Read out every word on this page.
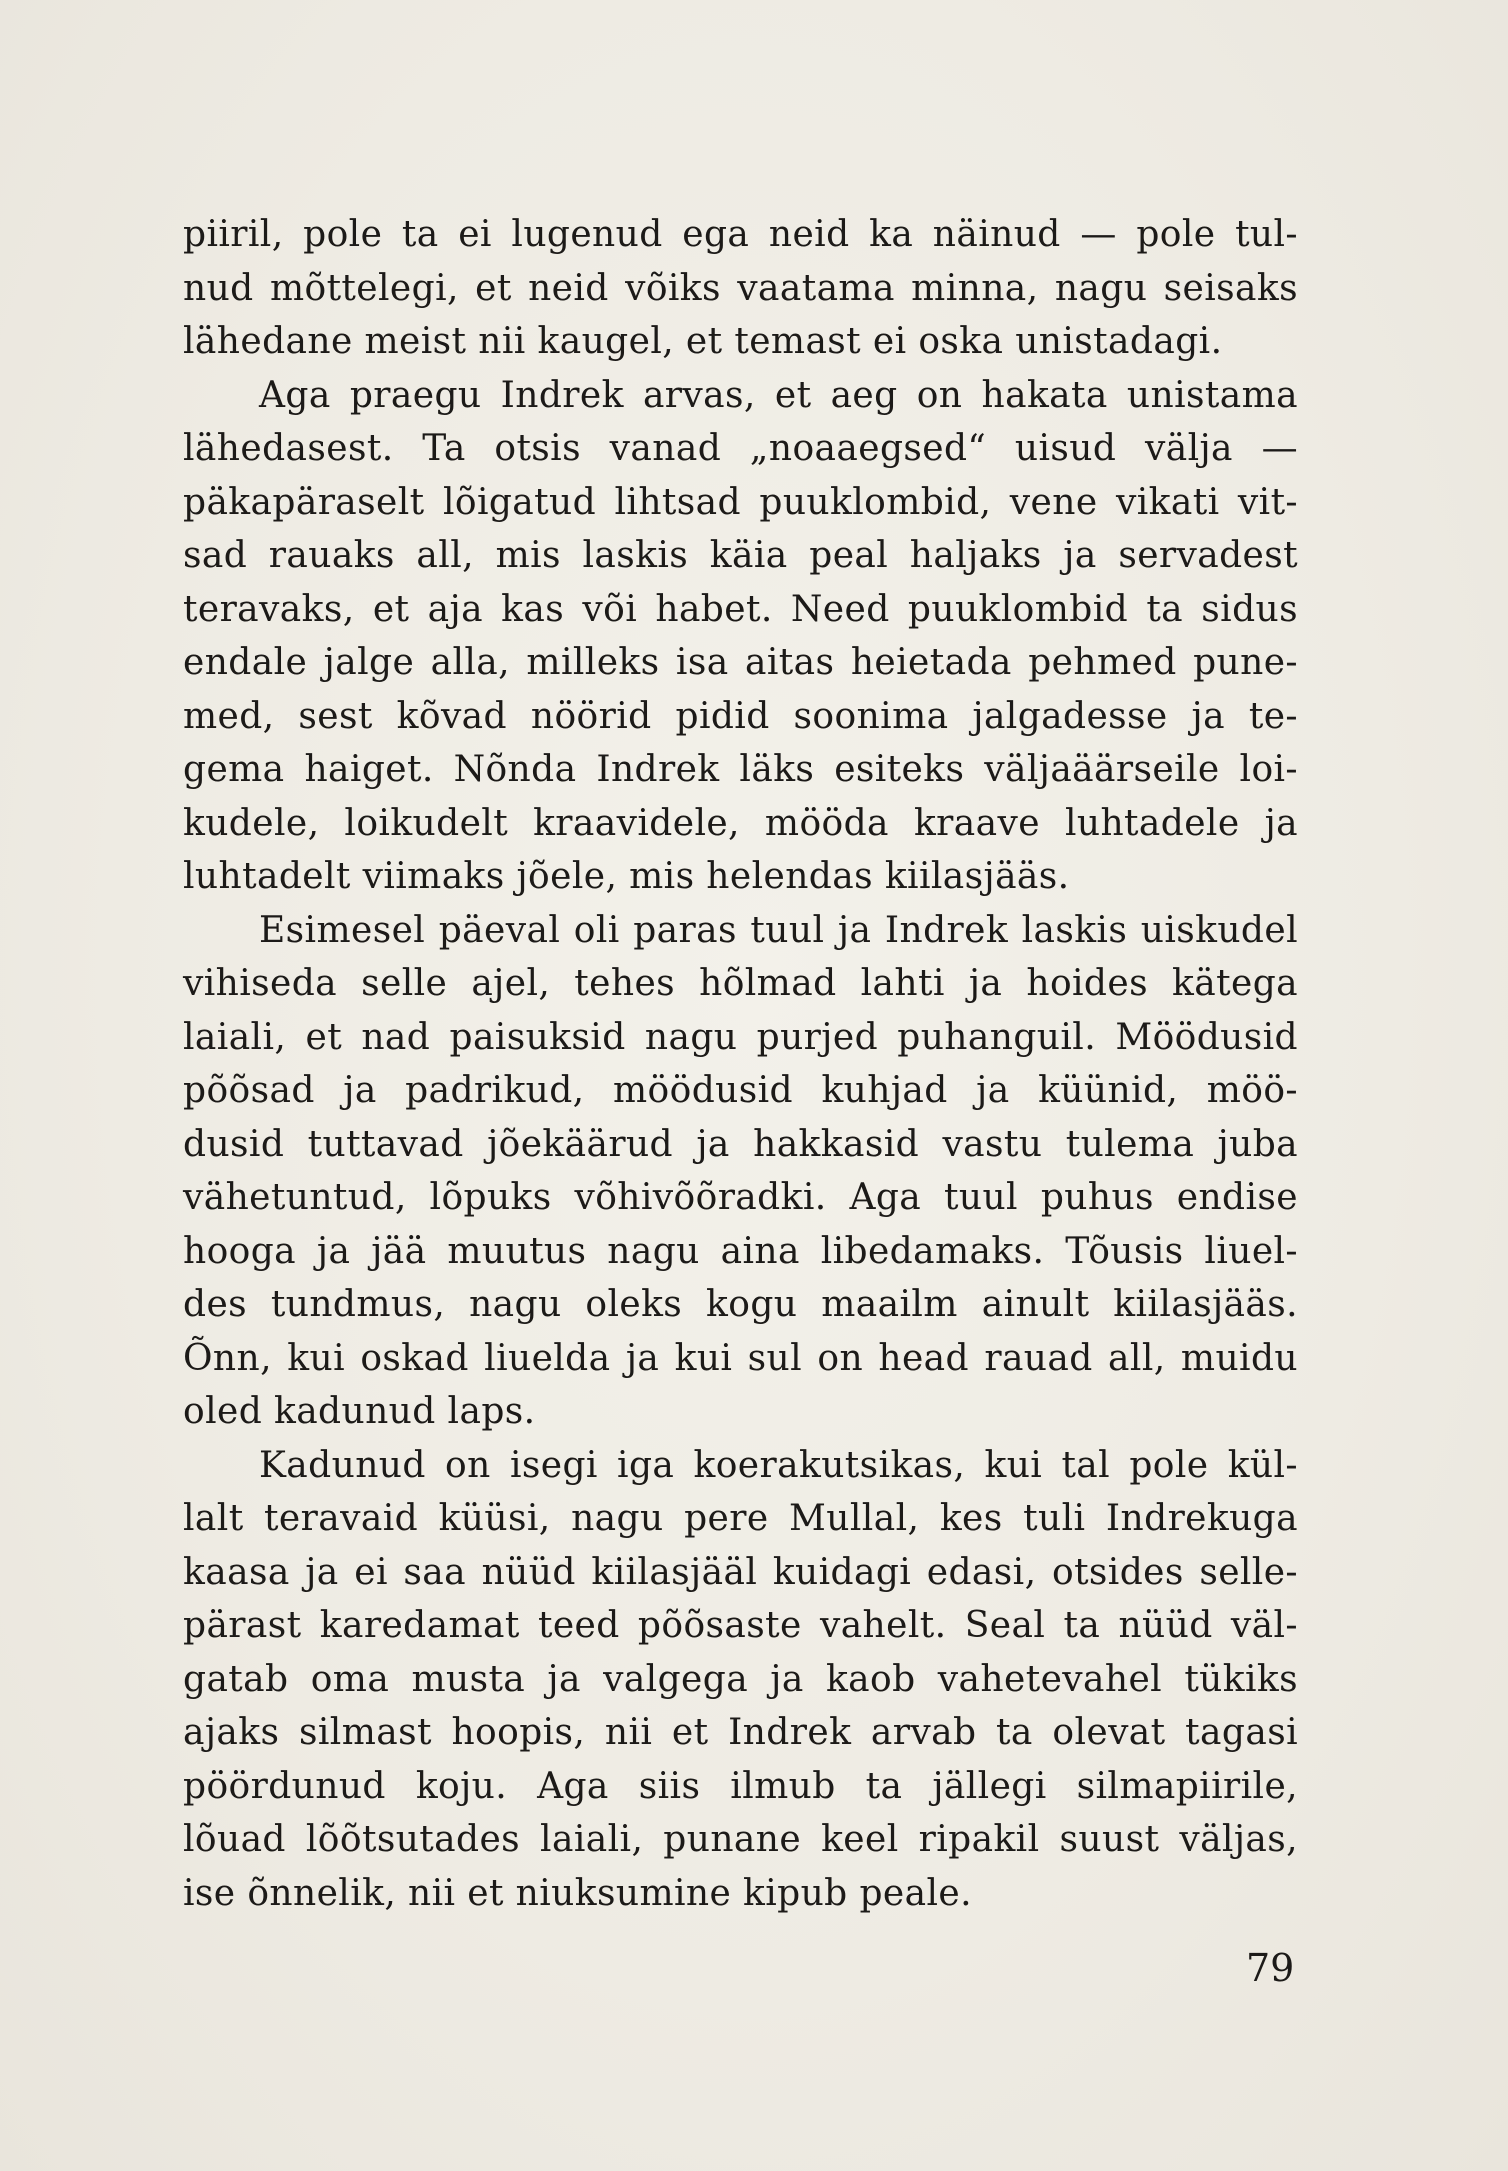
piiril, pole ta ei lugenud ega neid ka näinud — pole tul-
nud mõttelegi, et neid võiks vaatama minna, nagu seisaks
lähedane meist nii kaugel, et temast ei oska unistadagi.
Aga praegu Indrek arvas, et aeg on hakata unistama
lähedasest. Ta otsis vanad „noaaegsed“ uisud välja —
päkapäraselt lõigatud lihtsad puuklombid, vene vikati vit-
sad rauaks all, mis laskis käia peal haljaks ja servadest
teravaks, et aja kas või habet. Need puuklombid ta sidus
endale jalge alla, milleks isa aitas heietada pehmed pune-
med, sest kõvad nöörid pidid soonima jalgadesse ja te-
gema haiget. Nõnda Indrek läks esiteks väljaäärseile loi-
kudele, loikudelt kraavidele, mööda kraave luhtadele ja
luhtadelt viimaks jõele, mis helendas kiilasjääs.
Esimesel päeval oli paras tuul ja Indrek laskis uiskudel
vihiseda selle ajel, tehes hõlmad lahti ja hoides kätega
laiali, et nad paisuksid nagu purjed puhanguil. Möödusid
põõsad ja padrikud, möödusid kuhjad ja küünid, möö-
dusid tuttavad jõekäärud ja hakkasid vastu tulema juba
vähetuntud, lõpuks võhivõõradki. Aga tuul puhus endise
hooga ja jää muutus nagu aina libedamaks. Tõusis liuel-
des tundmus, nagu oleks kogu maailm ainult kiilasjääs.
Õnn, kui oskad liuelda ja kui sul on head rauad all, muidu
oled kadunud laps.
Kadunud on isegi iga koerakutsikas, kui tal pole kül-
lalt teravaid küüsi, nagu pere Mullal, kes tuli Indrekuga
kaasa ja ei saa nüüd kiilasjääl kuidagi edasi, otsides selle-
pärast karedamat teed põõsaste vahelt. Seal ta nüüd väl-
gatab oma musta ja valgega ja kaob vahetevahel tükiks
ajaks silmast hoopis, nii et Indrek arvab ta olevat tagasi
pöördunud koju. Aga siis ilmub ta jällegi silmapiirile,
lõuad lõõtsutades laiali, punane keel ripakil suust väljas,
ise õnnelik, nii et niuksumine kipub peale.
79
